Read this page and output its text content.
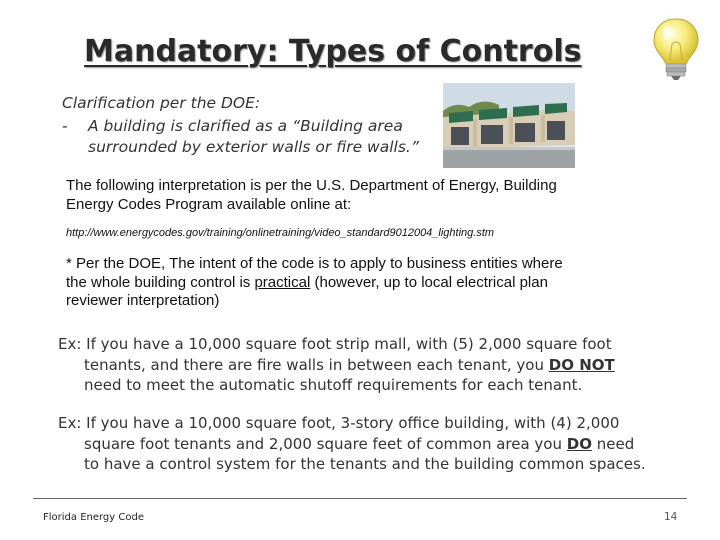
Mandatory: Types of Controls
Clarification per the DOE:
-	A building is clarified as a “Building area
surrounded by exterior walls or fire walls.”
The following interpretation is per the U.S. Department of Energy, Building
Energy Codes Program available online at:
http://www.energycodes.gov/training/onlinetraining/video_standard9012004_lighting.stm
* Per the DOE, The intent of the code is to apply to business entities where
the whole building control is practical (however, up to local electrical plan
reviewer interpretation)
Ex: If you have a 10,000 square foot strip mall, with (5) 2,000 square foot
tenants, and there are fire walls in between each tenant, you DO NOT
need to meet the automatic shutoff requirements for each tenant.
Ex: If you have a 10,000 square foot, 3-story office building, with (4) 2,000
square foot tenants and 2,000 square feet of common area you DO need
to have a control system for the tenants and the building common spaces.
Florida Energy Code	14
